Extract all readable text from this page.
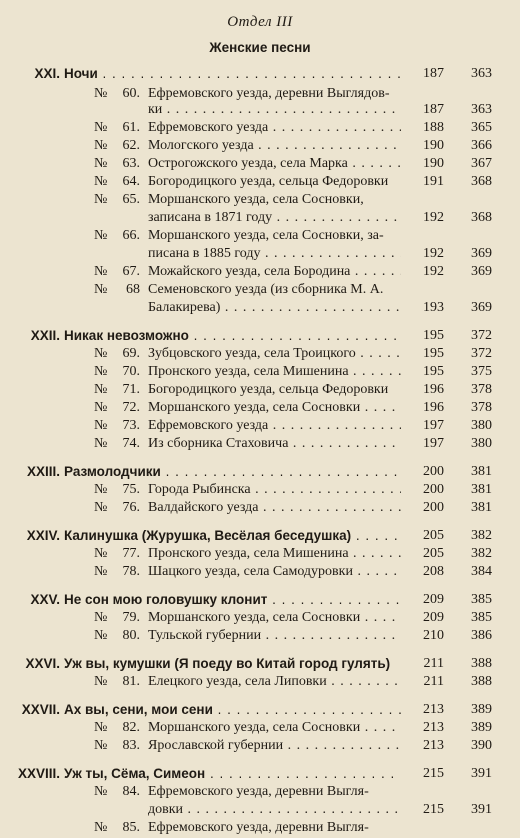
Отдел III
Женские песни
XXI. Ночи . . .	187	363
№	60. Ефремовского уезда, деревни Выглядов-
ки . . .	187	363
№	61. Ефремовского уезда . . .	188	365
№	62. Мологского уезда . . .	190	366
№	63. Острогожского уезда, села Марка . . .	190	367
№	64. Богородицкого уезда, сельца Федоровки	191	368
№	65. Моршанского уезда, села Сосновки,
записана в 1871 году . . .	192	368
№	66. Моршанского уезда, села Сосновки, за-
писана в 1885 году . . .	192	369
№	67. Можайского уезда, села Бородина . . .	192	369
№	68 Семеновского уезда (из сборника М. А.
Балакирева) . . .	193	369
XXII. Никак невозможно . . .	195	372
№	69. Зубцовского уезда, села Троицкого . . .	195	372
№	70. Пронского уезда, села Мишенина . . .	195	375
№	71. Богородицкого уезда, сельца Федоровки	196	378
№	72. Моршанского уезда, села Сосновки . . .	196	378
№	73. Ефремовского уезда . . .	197	380
№	74. Из сборника Стаховича . . .	197	380
XXIII. Размолодчики . . .	200	381
№	75. Города Рыбинска . . .	200	381
№	76. Валдайского уезда . . .	200	381
XXIV. Калинушка (Журушка, Весёлая беседушка) . . .	205	382
№	77. Пронского уезда, села Мишенина . . .	205	382
№	78. Шацкого уезда, села Самодуровки . . .	208	384
XXV. Не сон мою головушку клонит . . .	209	385
№	79. Моршанского уезда, села Сосновки . . .	209	385
№	80. Тульской губернии . . .	210	386
XXVI. Уж вы, кумушки (Я поеду во Китай город гулять)	211	388
№	81. Елецкого уезда, села Липовки . . .	211	388
XXVII. Ах вы, сени, мои сени . . .	213	389
№	82. Моршанского уезда, села Сосновки . . .	213	389
№	83. Ярославской губернии . . .	213	390
XXVIII. Уж ты, Сёма, Симеон . . .	215	391
№	84. Ефремовского уезда, деревни Выгля-
довки . . .	215	391
№	85. Ефремовского уезда, деревни Выгля-
